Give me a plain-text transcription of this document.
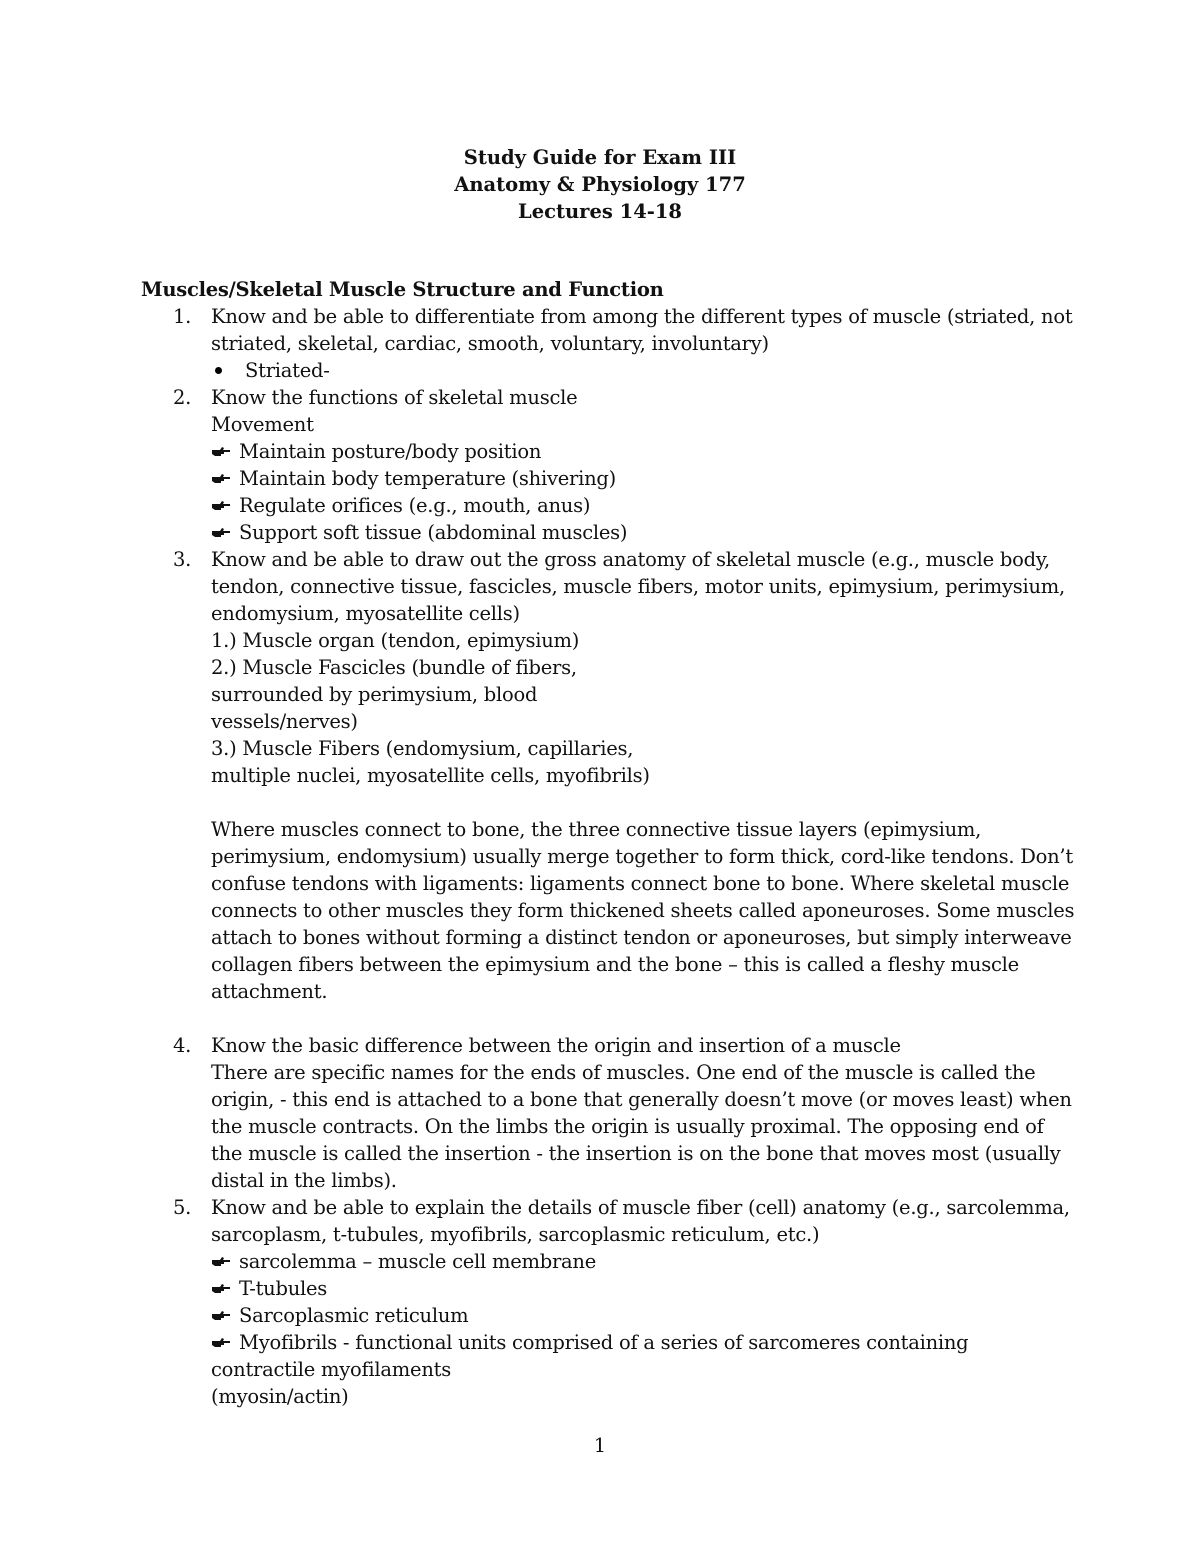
Study Guide for Exam III
Anatomy & Physiology 177
Lectures 14-18
Muscles/Skeletal Muscle Structure and Function
1. Know and be able to differentiate from among the different types of muscle (striated, not
striated, skeletal, cardiac, smooth, voluntary, involuntary)
Striated-
2. Know the functions of skeletal muscle
Movement
Maintain posture/body position
Maintain body temperature (shivering)
Regulate orifices (e.g., mouth, anus)
Support soft tissue (abdominal muscles)
3. Know and be able to draw out the gross anatomy of skeletal muscle (e.g., muscle body,
tendon, connective tissue, fascicles, muscle fibers, motor units, epimysium, perimysium,
endomysium, myosatellite cells)
1.) Muscle organ (tendon, epimysium)
2.) Muscle Fascicles (bundle of fibers,
surrounded by perimysium, blood
vessels/nerves)
3.) Muscle Fibers (endomysium, capillaries,
multiple nuclei, myosatellite cells, myofibrils)
Where muscles connect to bone, the three connective tissue layers (epimysium,
perimysium, endomysium) usually merge together to form thick, cord-like tendons. Don’t
confuse tendons with ligaments: ligaments connect bone to bone. Where skeletal muscle
connects to other muscles they form thickened sheets called aponeuroses. Some muscles
attach to bones without forming a distinct tendon or aponeuroses, but simply interweave
collagen fibers between the epimysium and the bone – this is called a fleshy muscle
attachment.
4. Know the basic difference between the origin and insertion of a muscle
There are specific names for the ends of muscles. One end of the muscle is called the
origin, - this end is attached to a bone that generally doesn’t move (or moves least) when
the muscle contracts. On the limbs the origin is usually proximal. The opposing end of
the muscle is called the insertion - the insertion is on the bone that moves most (usually
distal in the limbs).
5. Know and be able to explain the details of muscle fiber (cell) anatomy (e.g., sarcolemma,
sarcoplasm, t-tubules, myofibrils, sarcoplasmic reticulum, etc.)
sarcolemma – muscle cell membrane
T-tubules
Sarcoplasmic reticulum
Myofibrils - functional units comprised of a series of sarcomeres containing
contractile myofilaments
(myosin/actin)
1
